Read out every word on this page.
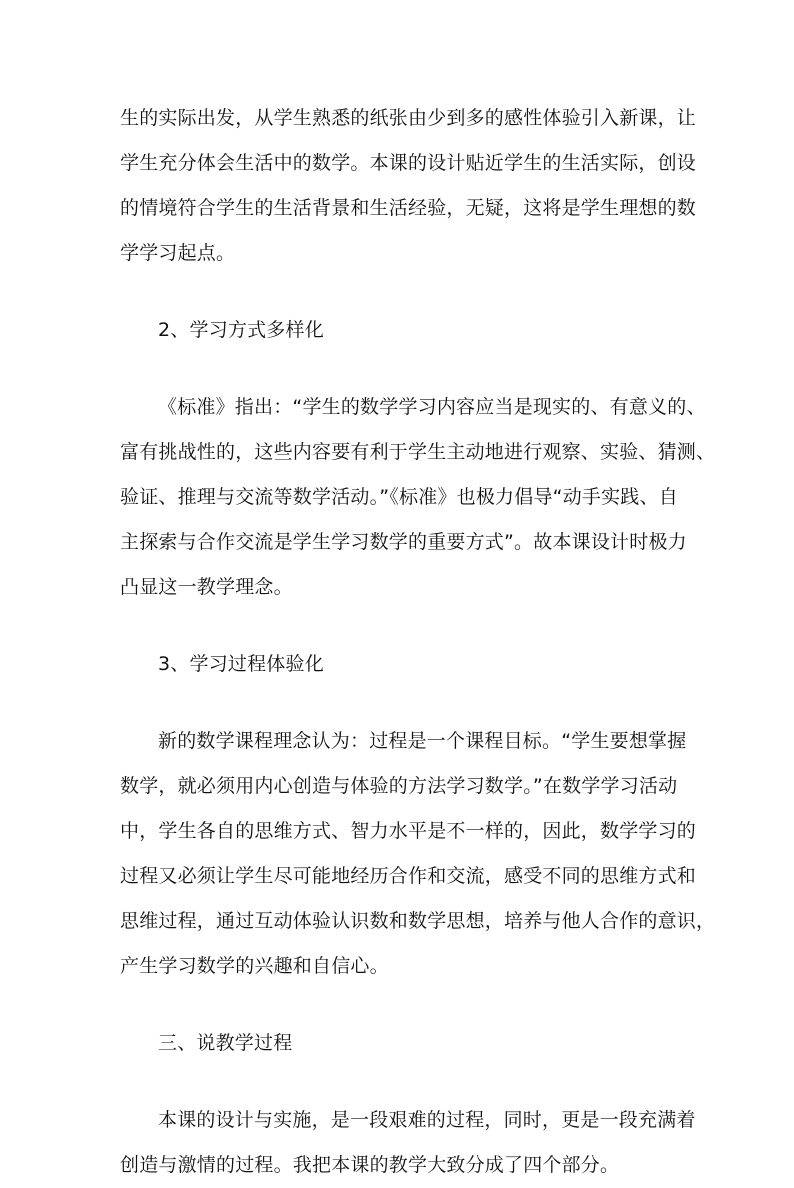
生的实际出发，从学生熟悉的纸张由少到多的感性体验引入新课，让
学生充分体会生活中的数学。本课的设计贴近学生的生活实际，创设
的情境符合学生的生活背景和生活经验，无疑，这将是学生理想的数
学学习起点。
2、学习方式多样化
《标准》指出：“学生的数学学习内容应当是现实的、有意义的、
富有挑战性的，这些内容要有利于学生主动地进行观察、实验、猜测、
验证、推理与交流等数学活动。”《标准》也极力倡导“动手实践、自
主探索与合作交流是学生学习数学的重要方式”。故本课设计时极力
凸显这一教学理念。
3、学习过程体验化
新的数学课程理念认为：过程是一个课程目标。“学生要想掌握
数学，就必须用内心创造与体验的方法学习数学。”在数学学习活动
中，学生各自的思维方式、智力水平是不一样的，因此，数学学习的
过程又必须让学生尽可能地经历合作和交流，感受不同的思维方式和
思维过程，通过互动体验认识数和数学思想，培养与他人合作的意识，
产生学习数学的兴趣和自信心。
三、说教学过程
本课的设计与实施，是一段艰难的过程，同时，更是一段充满着
创造与激情的过程。我把本课的教学大致分成了四个部分。
